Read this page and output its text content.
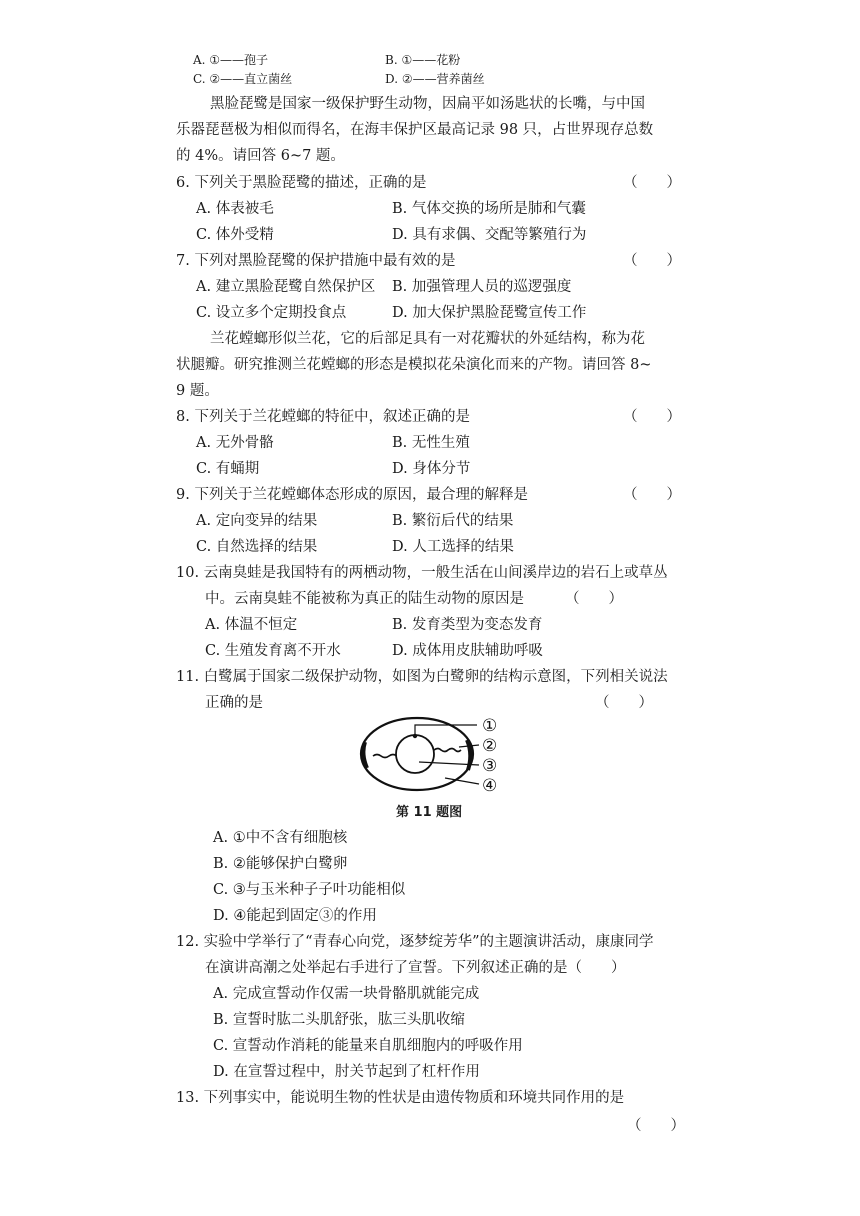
A. ①——孢子	B. ①——花粉
C. ②——直立菌丝	D. ②——营养菌丝
黑脸琵鹭是国家一级保护野生动物，因扁平如汤匙状的长嘴，与中国
乐器琵琶极为相似而得名，在海丰保护区最高记录 98 只，占世界现存总数
的 4%。请回答 6~7 题。
6. 下列关于黑脸琵鹭的描述，正确的是	（　　）
A. 体表被毛	B. 气体交换的场所是肺和气囊
C. 体外受精	D. 具有求偶、交配等繁殖行为
7. 下列对黑脸琵鹭的保护措施中最有效的是	（　　）
A. 建立黑脸琵鹭自然保护区 B. 加强管理人员的巡逻强度
C. 设立多个定期投食点	D. 加大保护黑脸琵鹭宣传工作
兰花螳螂形似兰花，它的后部足具有一对花瓣状的外延结构，称为花
状腿瓣。研究推测兰花螳螂的形态是模拟花朵演化而来的产物。请回答 8~
9 题。
8. 下列关于兰花螳螂的特征中，叙述正确的是	（　　）
A. 无外骨骼	B. 无性生殖
C. 有蛹期	D. 身体分节
9. 下列关于兰花螳螂体态形成的原因，最合理的解释是	（　　）
A. 定向变异的结果	B. 繁衍后代的结果
C. 自然选择的结果	D. 人工选择的结果
10. 云南臭蛙是我国特有的两栖动物，一般生活在山间溪岸边的岩石上或草丛
中。云南臭蛙不能被称为真正的陆生动物的原因是	（　　）
A. 体温不恒定	B. 发育类型为变态发育
C. 生殖发育离不开水	D. 成体用皮肤辅助呼吸
11. 白鹭属于国家二级保护动物，如图为白鹭卵的结构示意图，下列相关说法
正确的是	（　　）
①
②
③
④
第 11 题图
A. ①中不含有细胞核
B. ②能够保护白鹭卵
C. ③与玉米种子子叶功能相似
D. ④能起到固定③的作用
12. 实验中学举行了“青春心向党，逐梦绽芳华”的主题演讲活动，康康同学
在演讲高潮之处举起右手进行了宣誓。下列叙述正确的是（　　）
A. 完成宣誓动作仅需一块骨骼肌就能完成
B. 宣誓时肱二头肌舒张，肱三头肌收缩
C. 宣誓动作消耗的能量来自肌细胞内的呼吸作用
D. 在宣誓过程中，肘关节起到了杠杆作用
13. 下列事实中，能说明生物的性状是由遗传物质和环境共同作用的是
（　　）
